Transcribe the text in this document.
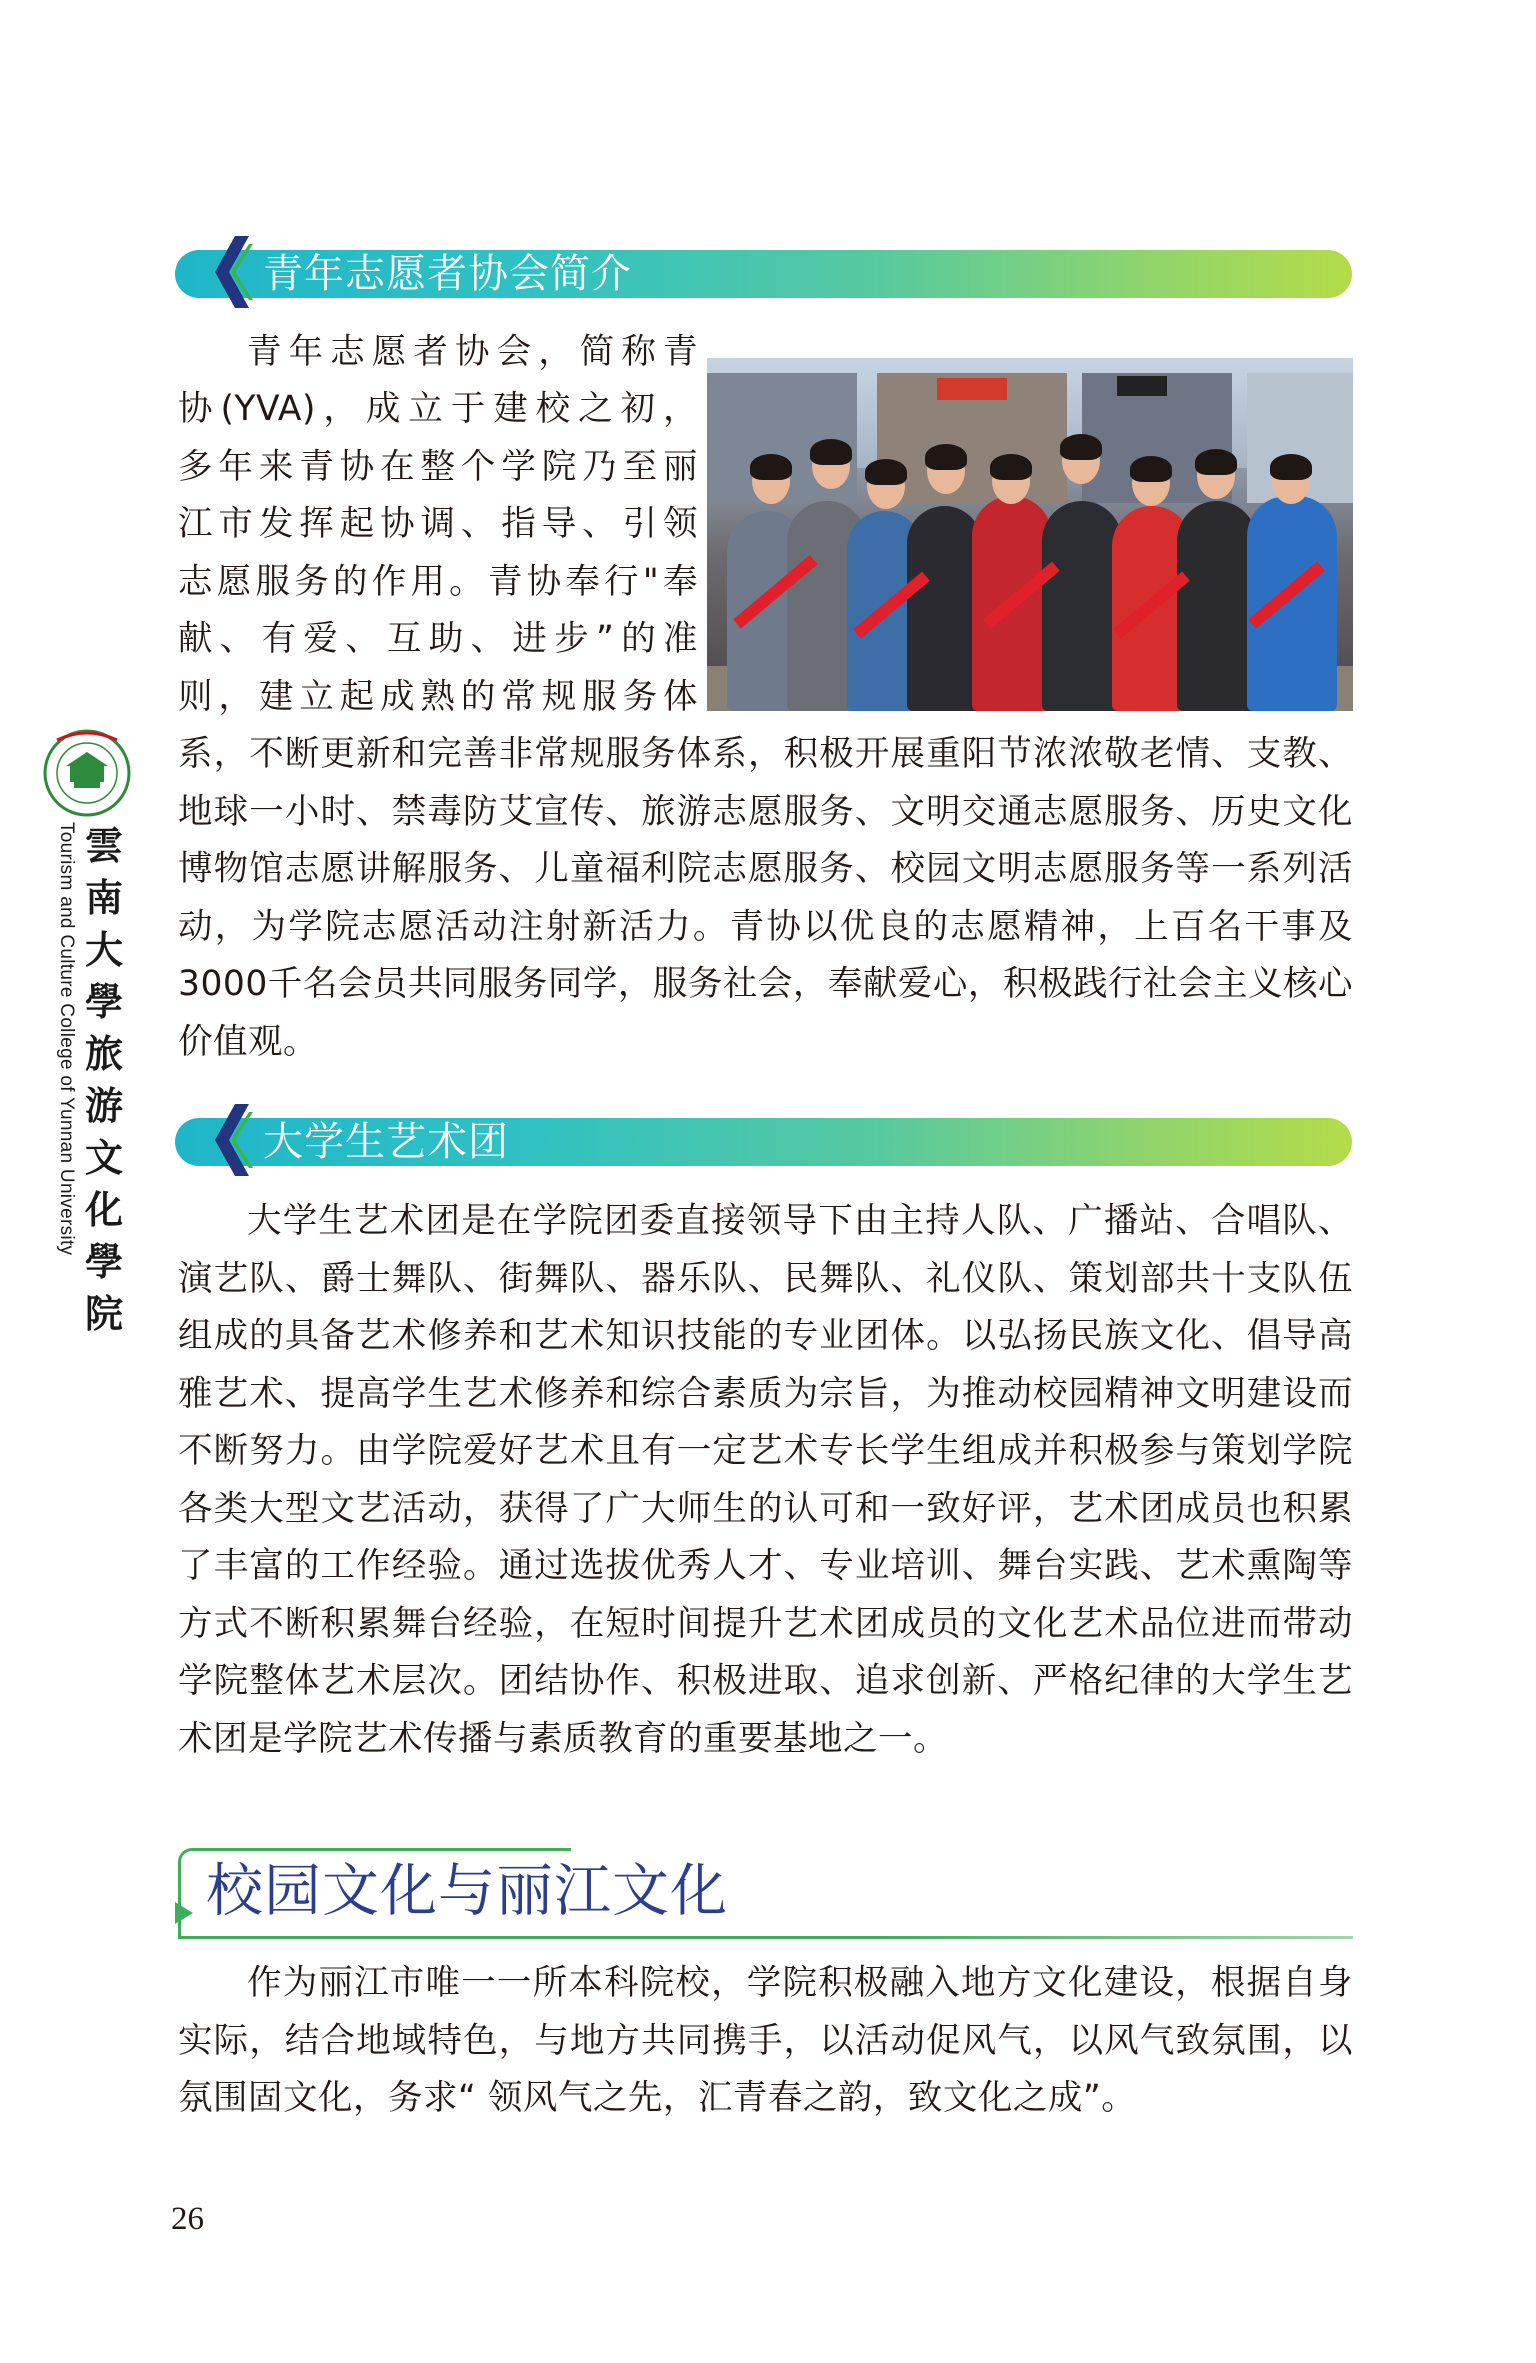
青年志愿者协会简介

青年志愿者协会，简称青

协(YVA)，成立于建校之初，

多年来青协在整个学院乃至丽

江市发挥起协调、指导、引领

志愿服务的作用。青协奉行"奉

献、有爱、互助、进步”的准

则，建立起成熟的常规服务体

系，不断更新和完善非常规服务体系，积极开展重阳节浓浓敬老情、支教、地球一小时、禁毒防艾宣传、旅游志愿服务、文明交通志愿服务、历史文化博物馆志愿讲解服务、儿童福利院志愿服务、校园文明志愿服务等一系列活动，为学院志愿活动注射新活力。青协以优良的志愿精神，上百名干事及3000千名会员共同服务同学，服务社会，奉献爱心，积极践行社会主义核心价值观。

大学生艺术团

大学生艺术团是在学院团委直接领导下由主持人队、广播站、合唱队、演艺队、爵士舞队、街舞队、器乐队、民舞队、礼仪队、策划部共十支队伍组成的具备艺术修养和艺术知识技能的专业团体。以弘扬民族文化、倡导高雅艺术、提高学生艺术修养和综合素质为宗旨，为推动校园精神文明建设而不断努力。由学院爱好艺术且有一定艺术专长学生组成并积极参与策划学院各类大型文艺活动，获得了广大师生的认可和一致好评，艺术团成员也积累了丰富的工作经验。通过选拔优秀人才、专业培训、舞台实践、艺术熏陶等方式不断积累舞台经验，在短时间提升艺术团成员的文化艺术品位进而带动学院整体艺术层次。团结协作、积极进取、追求创新、严格纪律的大学生艺术团是学院艺术传播与素质教育的重要基地之一。

校园文化与丽江文化

作为丽江市唯一一所本科院校，学院积极融入地方文化建设，根据自身实际，结合地域特色，与地方共同携手，以活动促风气，以风气致氛围，以氛围固文化，务求“ 领风气之先，汇青春之韵，致文化之成”。

Tourism and Culture College of Yunnan University 雲南大學旅游文化學院
26
